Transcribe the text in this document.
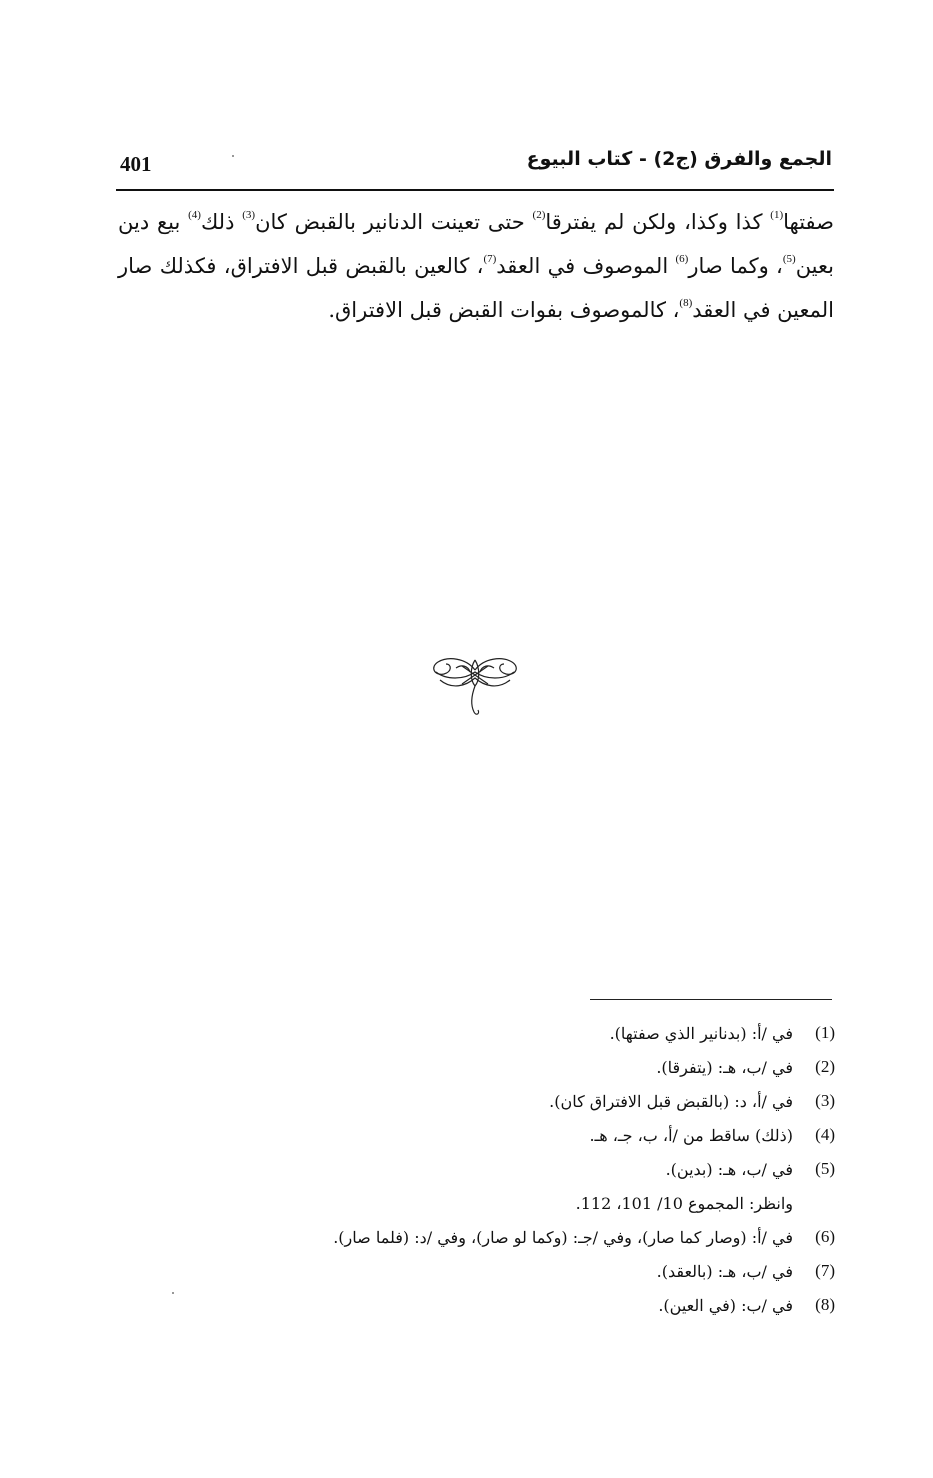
الجمع والفرق (ج2) - كتاب البيوع
401
صفتها$^{(1)}$ كذا وكذا، ولكن لم يفترقا$^{(2)}$ حتى تعينت الدنانير بالقبض كان$^{(3)}$ ذلك$^{(4)}$ بيع دين بعين$^{(5)}$، وكما صار$^{(6)}$ الموصوف في العقد$^{(7)}$، كالعين بالقبض قبل الافتراق، فكذلك صار المعين في العقد$^{(8)}$، كالموصوف بفوات القبض قبل الافتراق.
(1)
في /أ: (بدنانير الذي صفتها).
(2)
في /ب، هـ: (يتفرقا).
(3)
في /أ، د: (بالقبض قبل الافتراق كان).
(4)
(ذلك) ساقط من /أ، ب، جـ، هـ.
(5)
في /ب، هـ: (بدين).
وانظر: المجموع 10/ 101، 112.
(6)
في /أ: (وصار كما صار)، وفي /جـ: (وكما لو صار)، وفي /د: (فلما صار).
(7)
في /ب، هـ: (بالعقد).
(8)
في /ب: (في العين).
